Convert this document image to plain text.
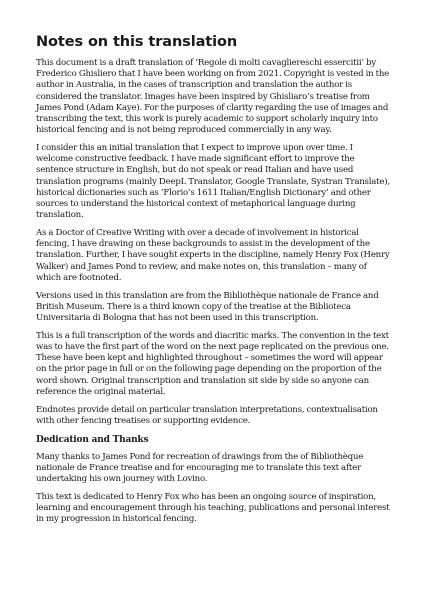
Notes on this translation

This document is a draft translation of ‘Regole di molti cavagliereschi essercitii’ by Frederico Ghisliero that I have been working on from 2021. Copyright is vested in the author in Australia, in the cases of transcription and translation the author is considered the translator. Images have been inspired by Ghisliaro’s treatise from James Pond (Adam Kaye). For the purposes of clarity regarding the use of images and transcribing the text, this work is purely academic to support scholarly inquiry into historical fencing and is not being reproduced commercially in any way.

I consider this an initial translation that I expect to improve upon over time. I welcome constructive feedback. I have made significant effort to improve the sentence structure in English, but do not speak or read Italian and have used translation programs (mainly DeepL Translator, Google Translate, Systran Translate), historical dictionaries such as ‘Florio’s 1611 Italian/English Dictionary’ and other sources to understand the historical context of metaphorical language during translation.

As a Doctor of Creative Writing with over a decade of involvement in historical fencing, I have drawing on these backgrounds to assist in the development of the translation. Further, I have sought experts in the discipline, namely Henry Fox (Henry Walker) and James Pond to review, and make notes on, this translation – many of which are footnoted.

Versions used in this translation are from the Bibliothèque nationale de France and British Museum. There is a third known copy of the treatise at the Biblioteca Universitaria di Bologna that has not been used in this transcription.

This is a full transcription of the words and diacritic marks. The convention in the text was to have the first part of the word on the next page replicated on the previous one. These have been kept and highlighted throughout – sometimes the word will appear on the prior page in full or on the following page depending on the proportion of the word shown. Original transcription and translation sit side by side so anyone can reference the original material.

Endnotes provide detail on particular translation interpretations, contextualisation with other fencing treatises or supporting evidence.

Dedication and Thanks

Many thanks to James Pond for recreation of drawings from the of Bibliothèque nationale de France treatise and for encouraging me to translate this text after undertaking his own journey with Lovino.

This text is dedicated to Henry Fox who has been an ongoing source of inspiration, learning and encouragement through his teaching, publications and personal interest in my progression in historical fencing.
